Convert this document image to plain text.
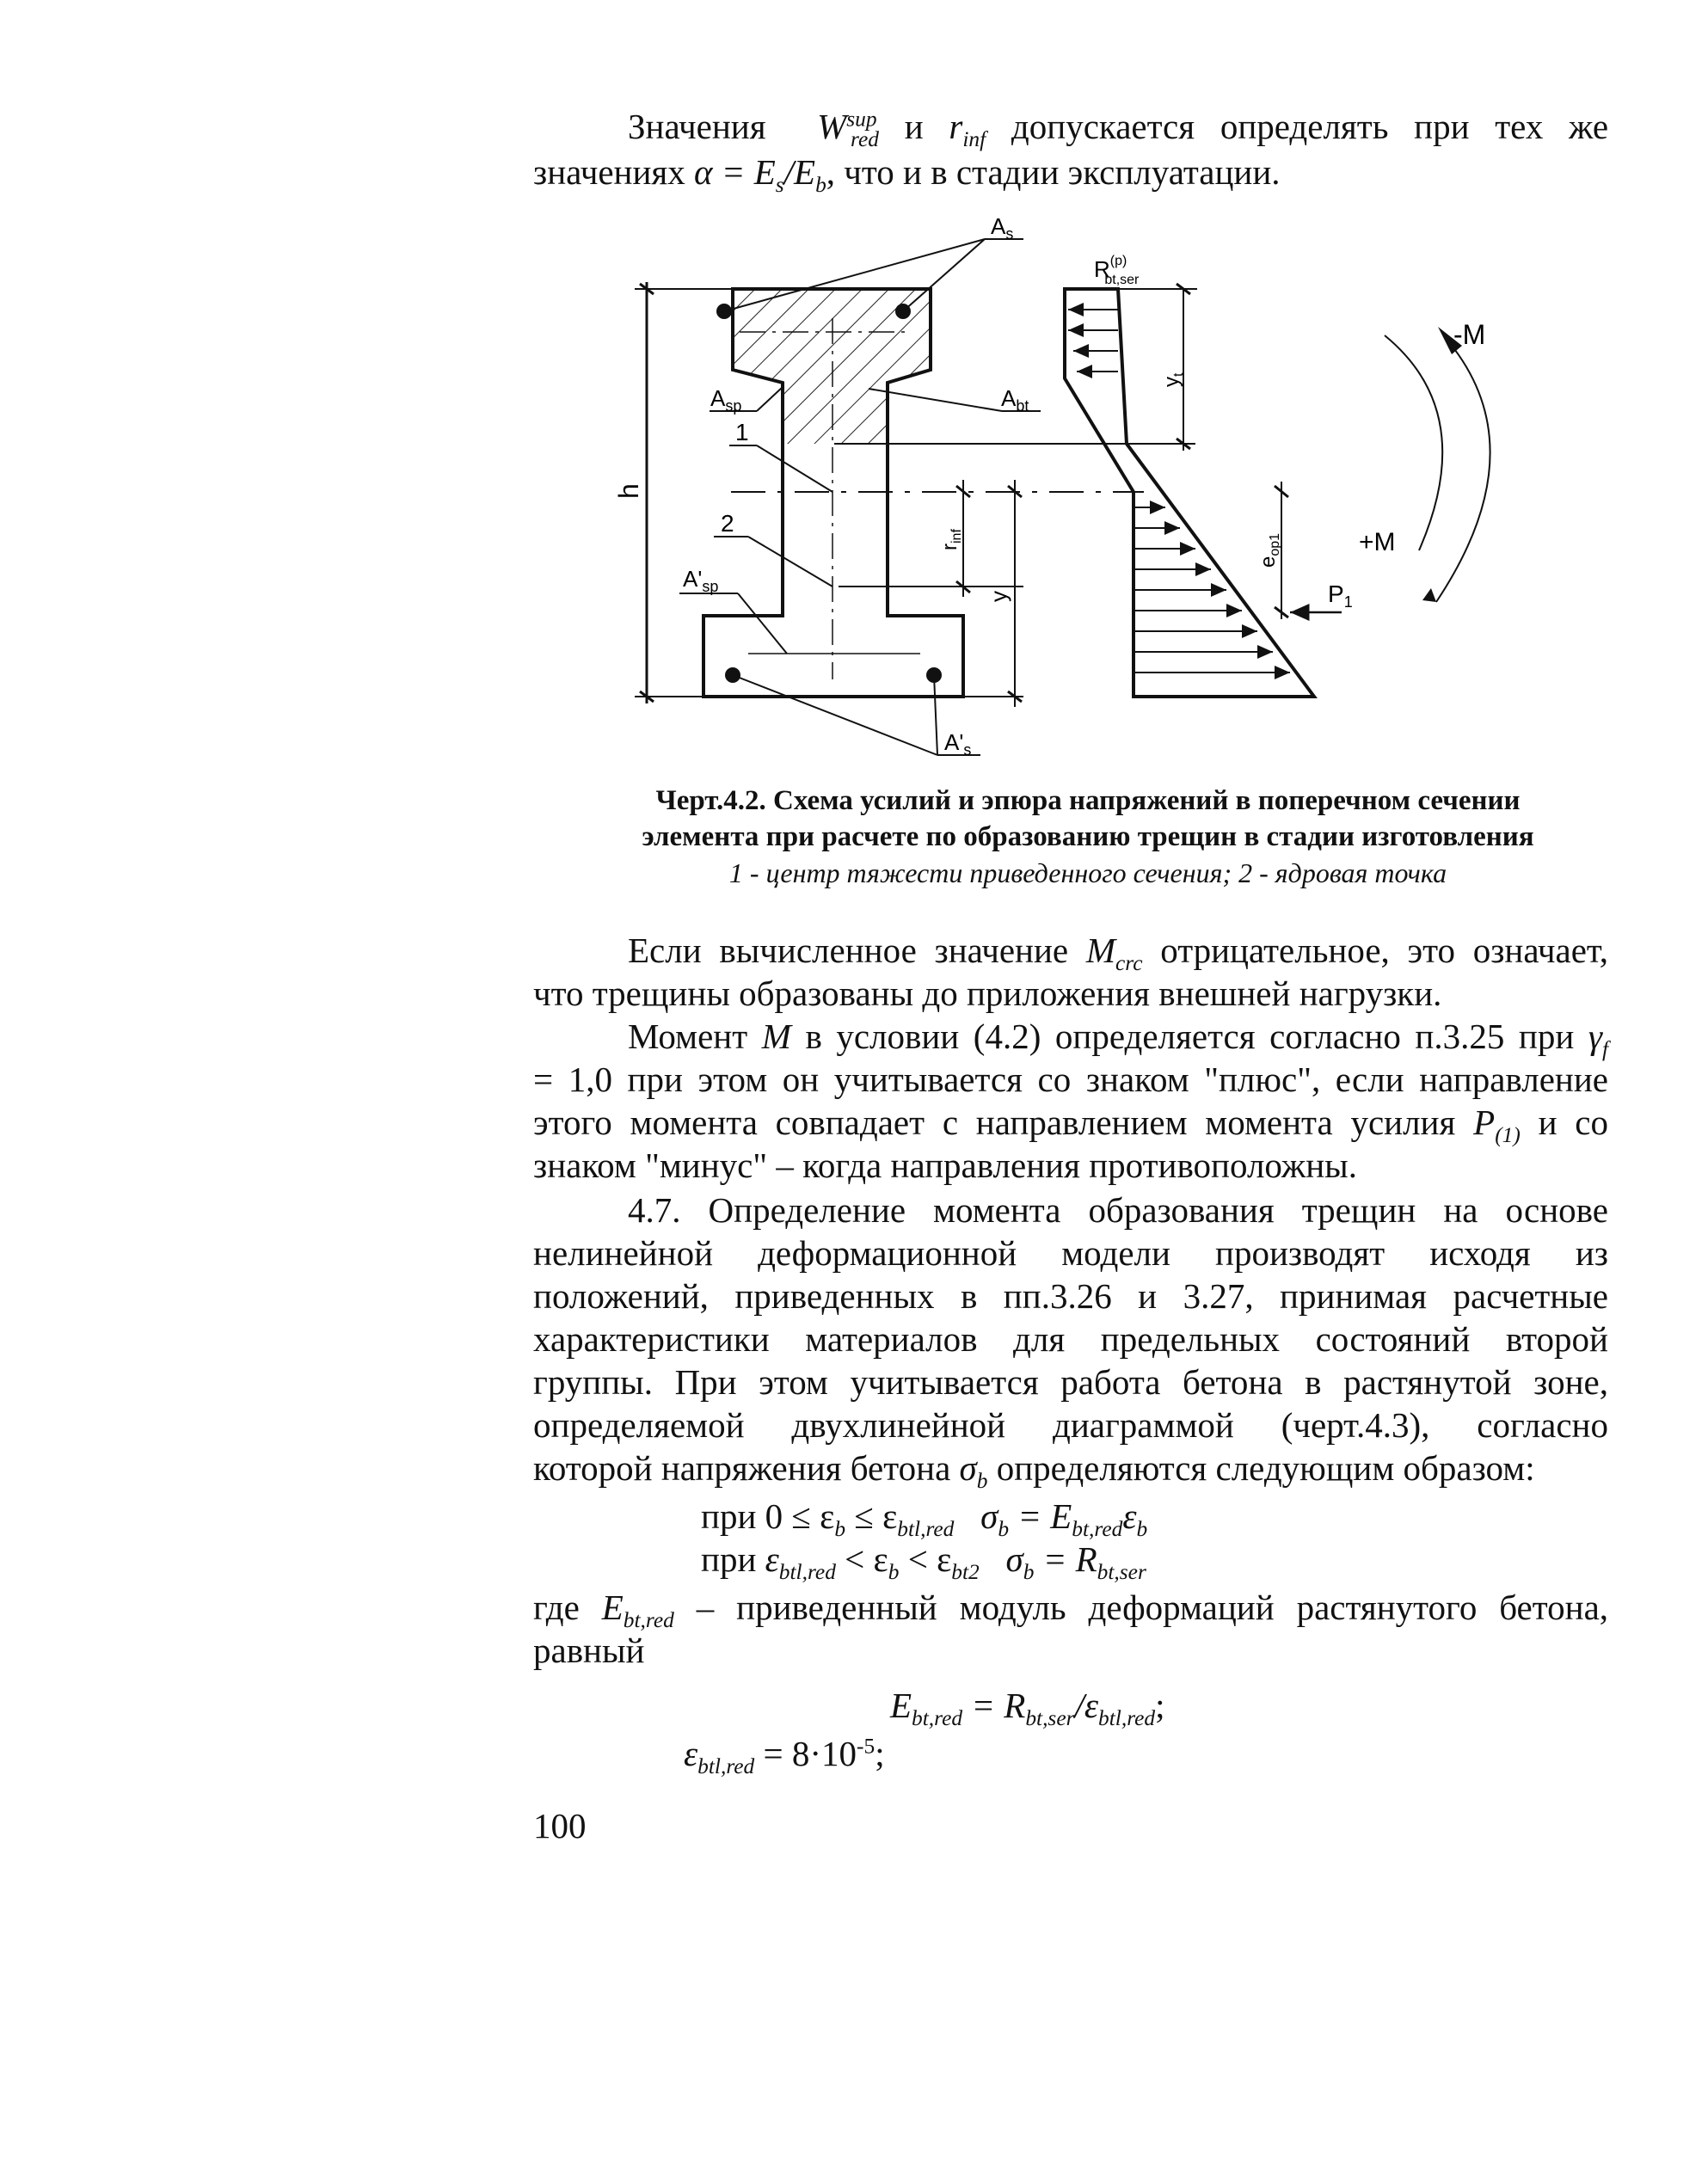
Значения $W^{sup}_{red}$ и $r_{inf}$ допускается определять при тех же
значениях $\alpha = E_s/E_b$, что и в стадии эксплуатации.
h
$A_s$
$A_{sp}$	$A_{bt}$
1
2
$A'_{sp}$
$A'_s$
$r_{inf}$
y
$y_t$
$R^{(p)}$ bt,ser
$e_{op1}$
$P_1$
-M
+M
Черт.4.2. Схема усилий и эпюра напряжений в поперечном сечении
элемента при расчете по образованию трещин в стадии изготовления
1 - центр тяжести приведенного сечения; 2 - ядровая точка
Если вычисленное значение $M_{crc}$ отрицательное, это означает,
что трещины образованы до приложения внешней нагрузки.
Момент M в условии (4.2) определяется согласно п.3.25 при $\gamma_f$
= 1,0 при этом он учитывается со знаком "плюс", если направление
этого момента совпадает с направлением момента усилия $P_{(1)}$ и со
знаком "минус" – когда направления противоположны.
4.7. Определение момента образования трещин на основе
нелинейной деформационной модели производят исходя из
положений, приведенных в пп.3.26 и 3.27, принимая расчетные
характеристики материалов для предельных состояний второй
группы. При этом учитывается работа бетона в растянутой зоне,
определяемой двухлинейной диаграммой (черт.4.3), согласно
которой напряжения бетона $\sigma_b$ определяются следующим образом:
при $0 \le \varepsilon_b \le \varepsilon_{btl,red}$ $\sigma_b = E_{bt,red}\varepsilon_b$
при $\varepsilon_{btl,red} < \varepsilon_b < \varepsilon_{bt2}$ $\sigma_b = R_{bt,ser}$
где $E_{bt,red}$ – приведенный модуль деформаций растянутого бетона,
равный
$E_{bt,red} = R_{bt,ser}/\varepsilon_{btl,red}$;
$\varepsilon_{btl,red} = 8\cdot 10^{-5}$;
100
